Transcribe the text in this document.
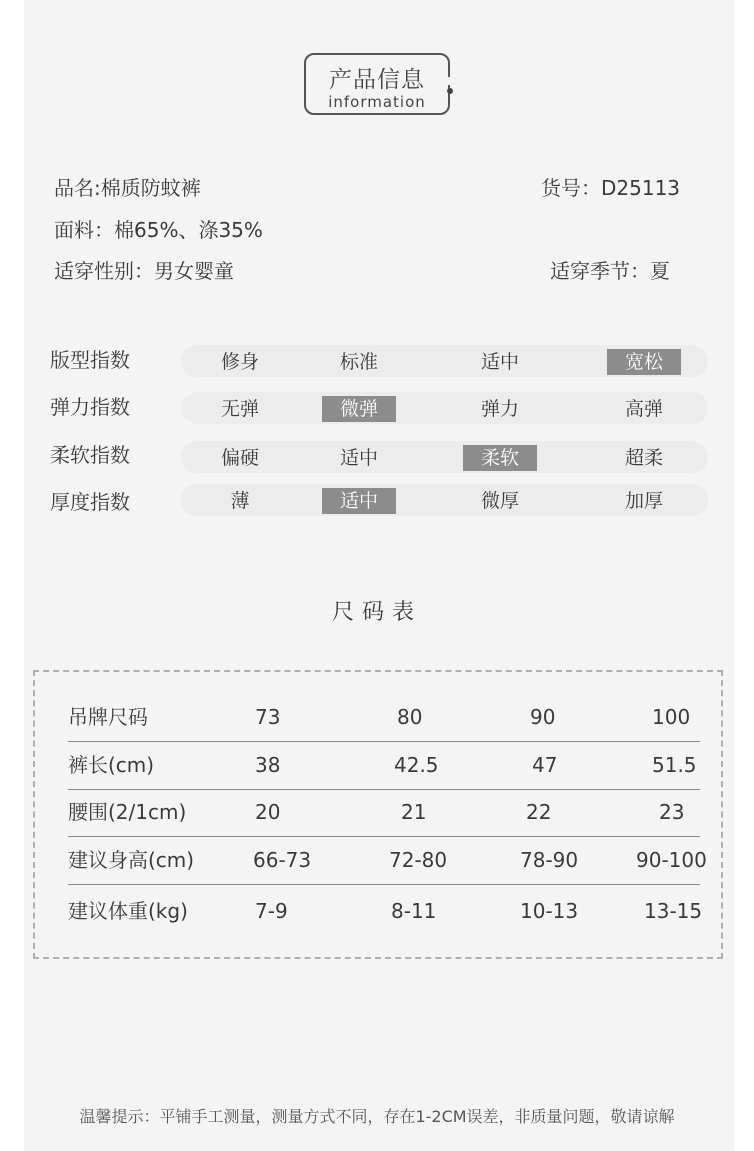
产品信息
information
品名:棉质防蚊裤	货号：D25113
面料：棉65%、涤35%
适穿性别：男女婴童	适穿季节：夏
版型指数	修身	标准	适中	宽松
弹力指数	无弹	微弹	弹力	高弹
柔软指数	偏硬	适中	柔软	超柔
厚度指数	薄	适中	微厚	加厚
尺码表
吊牌尺码	73	80	90	100
裤长(cm)	38	42.5	47	51.5
腰围(2/1cm)	20	21	22	23
建议身高(cm)	66-73	72-80	78-90	90-100
建议体重(kg)	7-9	8-11	10-13	13-15
温馨提示：平铺手工测量，测量方式不同，存在1-2CM误差，非质量问题，敬请谅解
